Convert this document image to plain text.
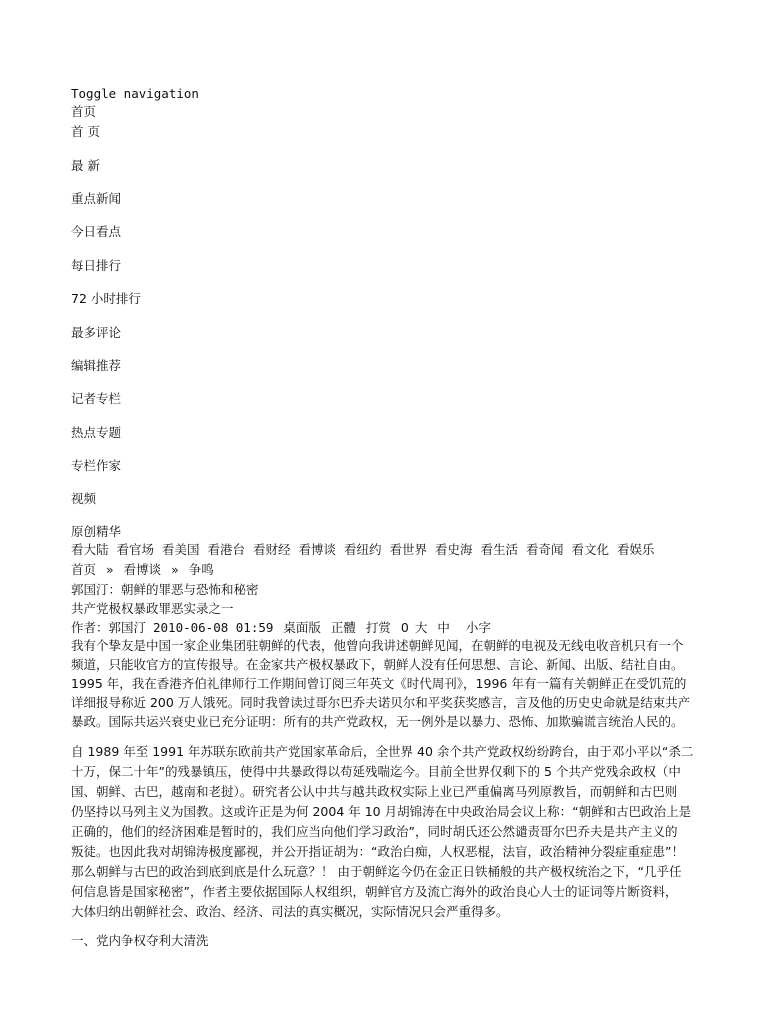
Toggle navigation
首页
首 页
最 新
重点新闻
今日看点
每日排行
72 小时排行
最多评论
编辑推荐
记者专栏
热点专题
专栏作家
视频
原创精华
看大陆 看官场 看美国 看港台 看财经 看博谈 看纽约 看世界 看史海 看生活 看奇闻 看文化 看娱乐
首页 » 看博谈 » 争鸣
郭国汀：朝鲜的罪恶与恐怖和秘密
共产党极权暴政罪恶实录之一
作者：郭国汀 2010-06-08 01:59 桌面版 正體 打赏 0 大 中 小字
我有个挚友是中国一家企业集团驻朝鲜的代表，他曾向我讲述朝鲜见闻，在朝鲜的电视及无线电收音机只有一个
频道，只能收官方的宣传报导。在金家共产极权暴政下，朝鲜人没有任何思想、言论、新闻、出版、结社自由。
1995 年，我在香港齐伯礼律师行工作期间曾订阅三年英文《时代周刊》，1996 年有一篇有关朝鲜正在受饥荒的
详细报导称近 200 万人饿死。同时我曾读过哥尔巴乔夫诺贝尔和平奖获奖感言，言及他的历史史命就是结束共产
暴政。国际共运兴衰史业已充分证明：所有的共产党政权，无一例外是以暴力、恐怖、加欺骗谎言统治人民的。
自 1989 年至 1991 年苏联东欧前共产党国家革命后，全世界 40 余个共产党政权纷纷跨台，由于邓小平以“杀二
十万，保二十年”的残暴镇压，使得中共暴政得以苟延残喘迄今。目前全世界仅剩下的 5 个共产党残余政权（中
国、朝鲜、古巴，越南和老挝）。研究者公认中共与越共政权实际上业已严重偏离马列原教旨，而朝鲜和古巴则
仍坚持以马列主义为国教。这或许正是为何 2004 年 10 月胡锦涛在中央政治局会议上称：“朝鲜和古巴政治上是
正确的，他们的经济困难是暂时的，我们应当向他们学习政治”，同时胡氏还公然谴责哥尔巴乔夫是共产主义的
叛徒。也因此我对胡锦涛极度鄙视，并公开指证胡为：“政治白痴，人权恶棍，法盲，政治精神分裂症重症患”！
那么朝鲜与古巴的政治到底到底是什么玩意？！ 由于朝鲜迄今仍在金正日铁桶般的共产极权统治之下，“几乎任
何信息皆是国家秘密”，作者主要依据国际人权组织，朝鲜官方及流亡海外的政治良心人士的证词等片断资料，
大体归纳出朝鲜社会、政治、经济、司法的真实概况，实际情况只会严重得多。
一、党内争权夺利大清洗
